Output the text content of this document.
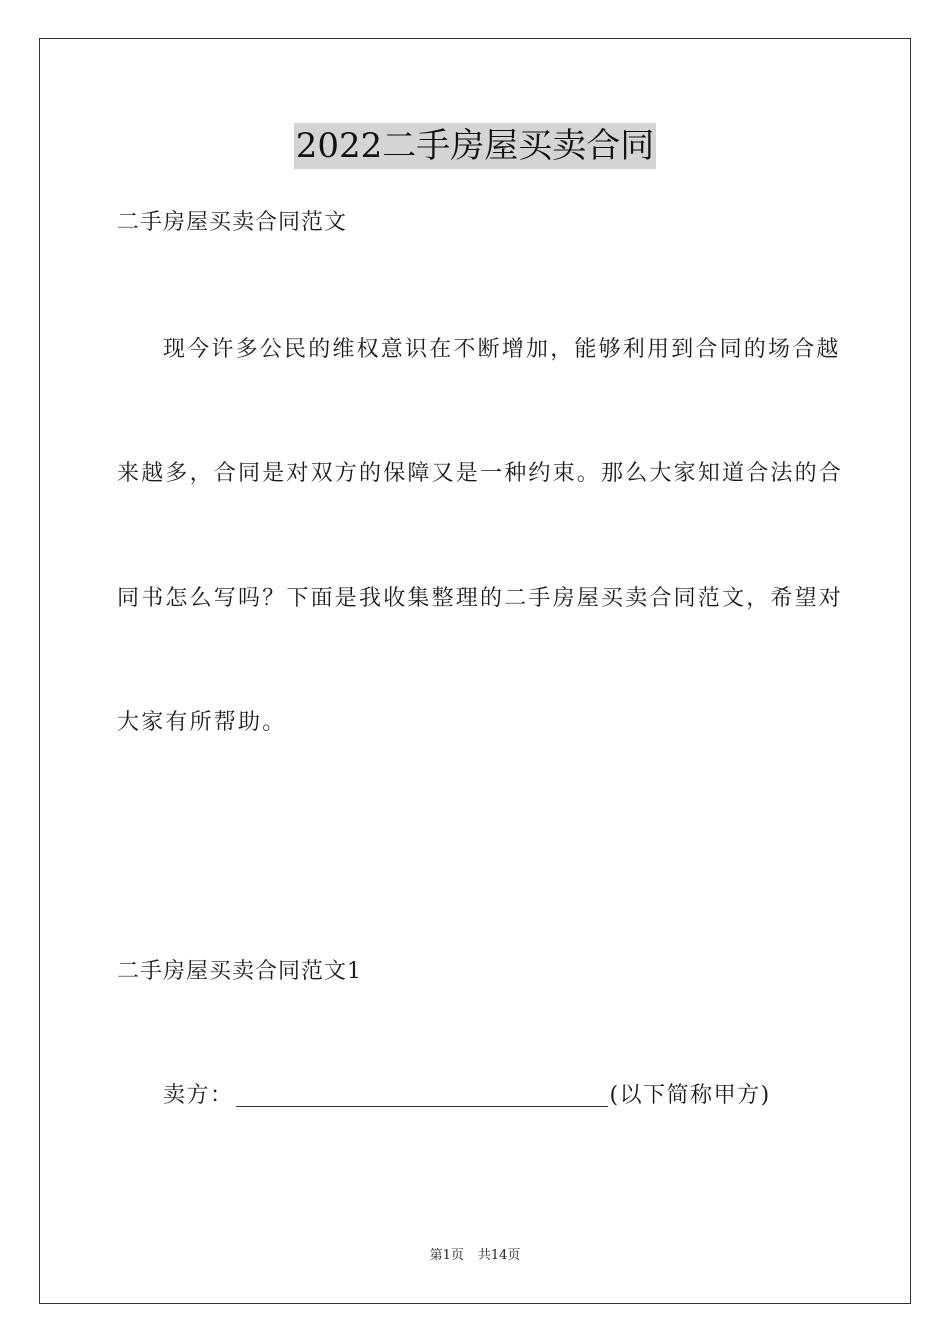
2022二手房屋买卖合同
二手房屋买卖合同范文
现今许多公民的维权意识在不断增加，能够利用到合同的场合越
来越多，合同是对双方的保障又是一种约束。那么大家知道合法的合
同书怎么写吗？下面是我收集整理的二手房屋买卖合同范文，希望对
大家有所帮助。
二手房屋买卖合同范文1
卖方：	(以下简称甲方)
第1页 共14页
